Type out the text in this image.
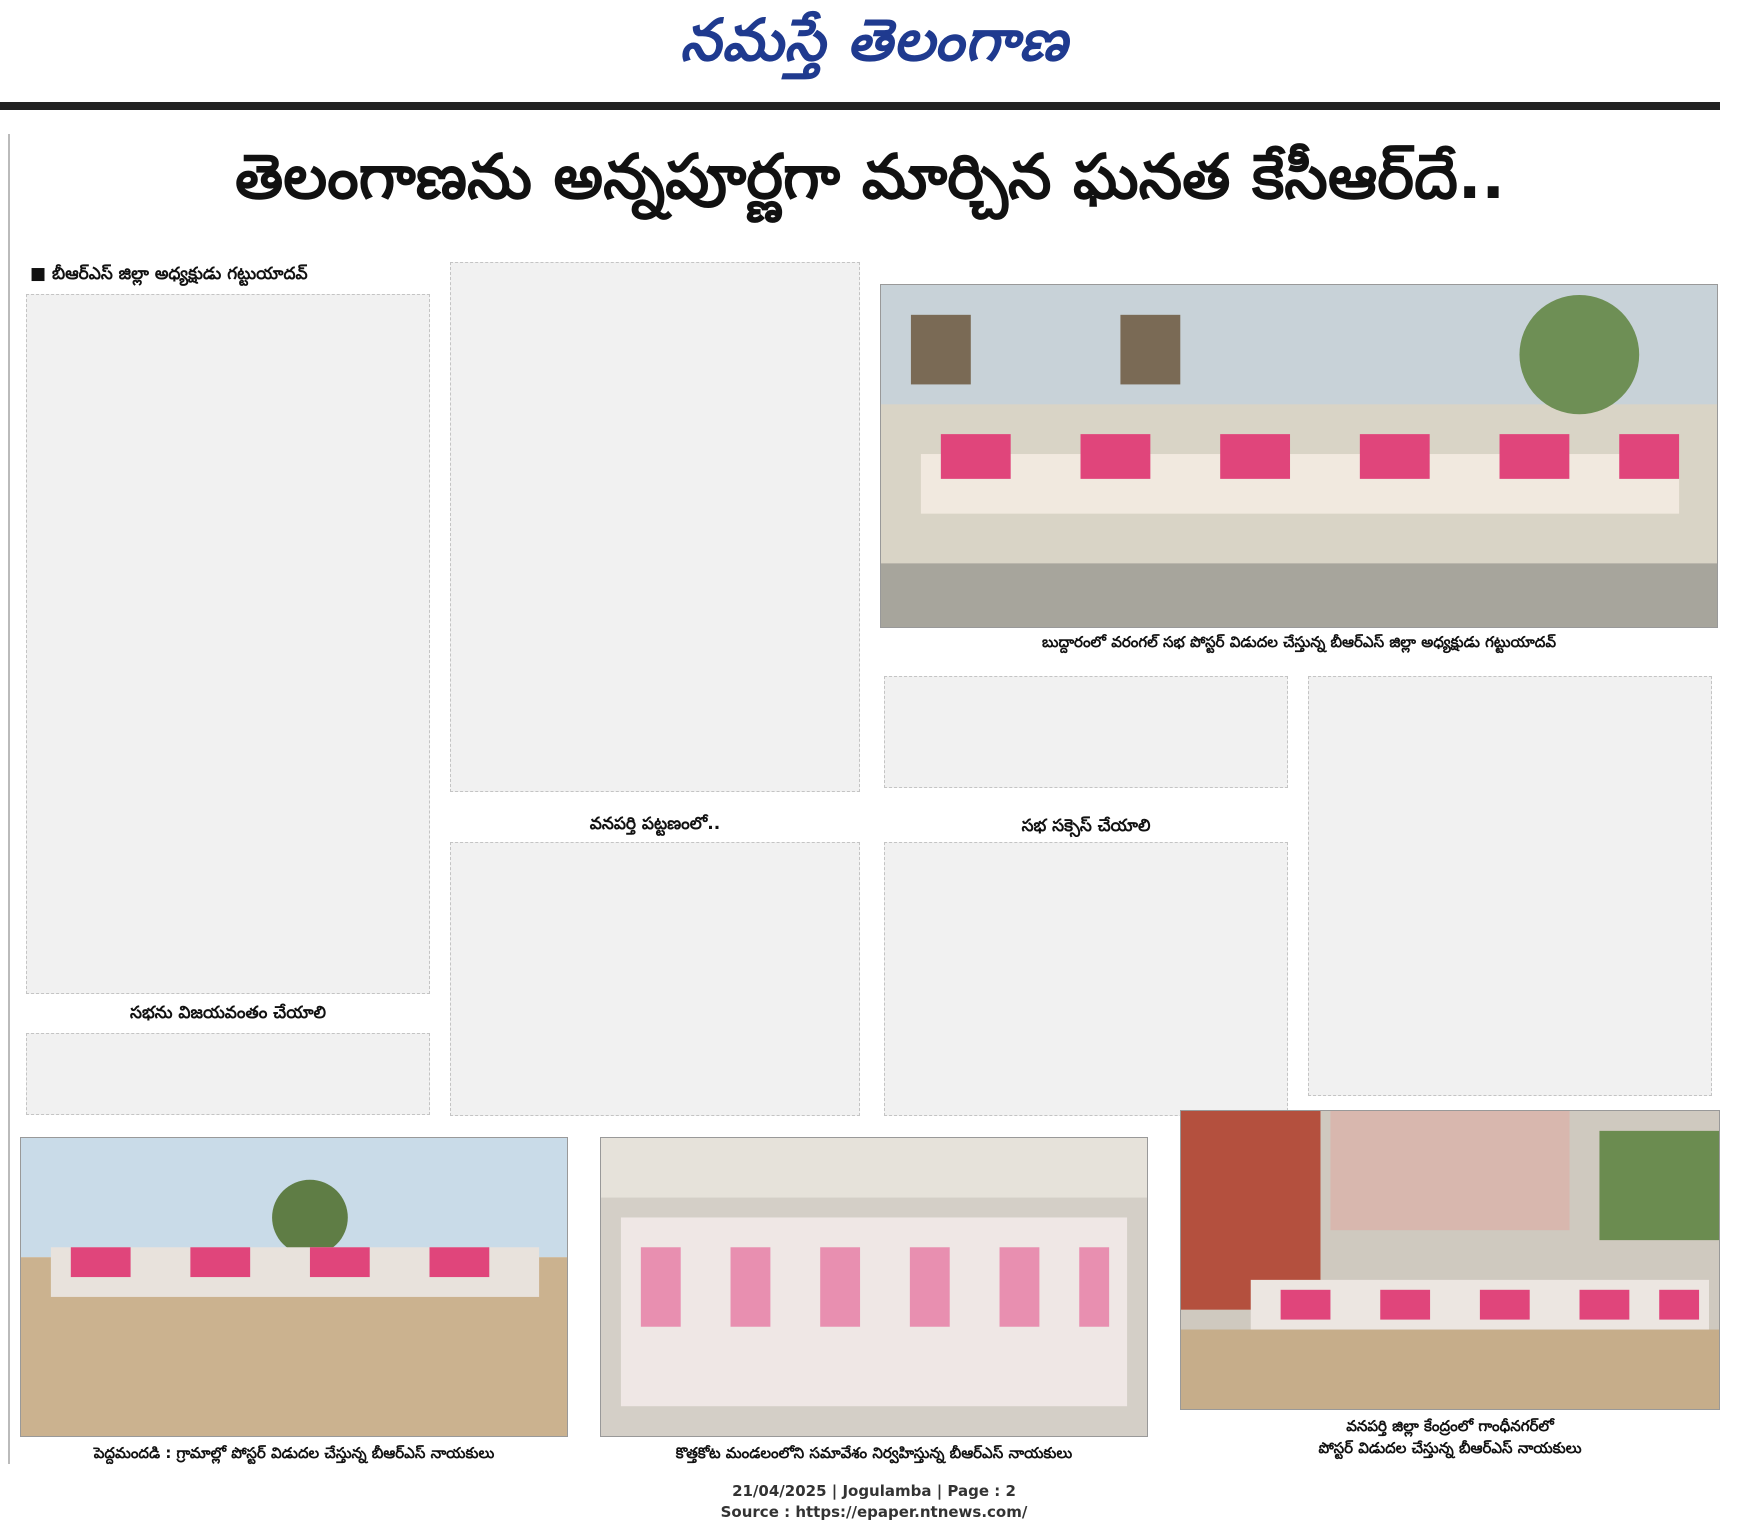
నమస్తే తెలంగాణ
తెలంగాణను అన్నపూర్ణగా మార్చిన ఘనత కేసీఆర్‌దే..
■ బీఆర్‌ఎస్‌ జిల్లా అధ్యక్షుడు గట్టుయాదవ్‌
సభను విజయవంతం చేయాలి
వనపర్తి పట్టణంలో..
బుద్దారంలో వరంగల్‌ సభ పోస్టర్‌ విడుదల చేస్తున్న బీఆర్‌ఎస్‌ జిల్లా అధ్యక్షుడు గట్టుయాదవ్‌
సభ సక్సెస్‌ చేయాలి
పెద్దమందడి : గ్రామాల్లో పోస్టర్‌ విడుదల చేస్తున్న బీఆర్‌ఎస్‌ నాయకులు	కొత్తకోట మండలంలోని సమావేశం నిర్వహిస్తున్న బీఆర్‌ఎస్‌ నాయకులు
వనపర్తి జిల్లా కేంద్రంలో గాంధీనగర్‌లో
పోస్టర్‌ విడుదల చేస్తున్న బీఆర్‌ఎస్‌ నాయకులు
21/04/2025 | Jogulamba | Page : 2
Source : https://epaper.ntnews.com/
